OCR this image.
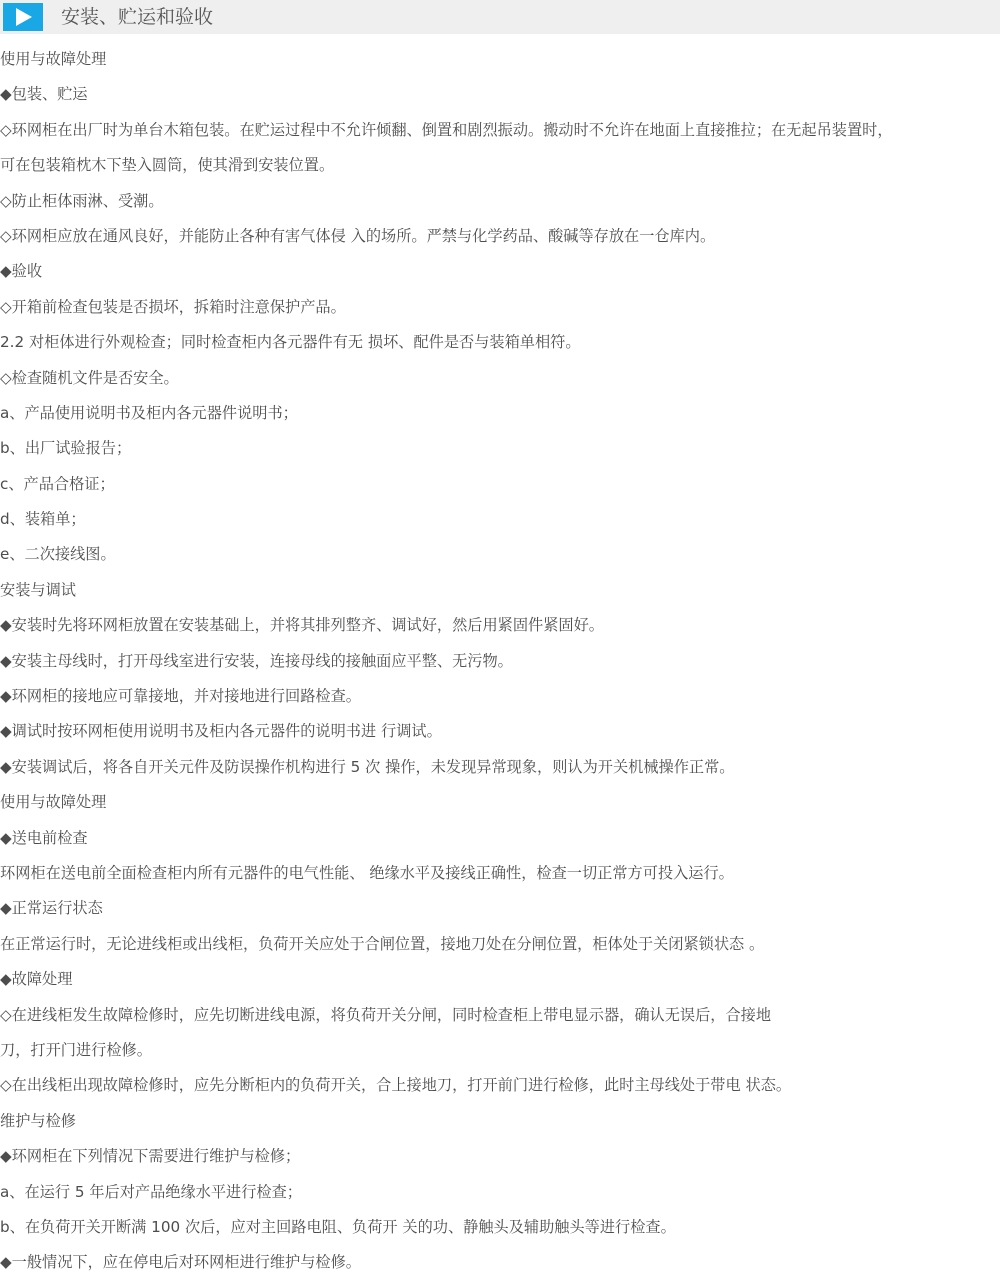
安装、贮运和验收
使用与故障处理
◆包装、贮运
◇环网柜在出厂时为单台木箱包装。在贮运过程中不允许倾翻、倒置和剧烈振动。搬动时不允许在地面上直接推拉；在无起吊装置时，
可在包装箱枕木下垫入圆筒，使其滑到安装位置。
◇防止柜体雨淋、受潮。
◇环网柜应放在通风良好，并能防止各种有害气体侵 入的场所。严禁与化学药品、酸碱等存放在一仓库内。
◆验收
◇开箱前检查包装是否损坏，拆箱时注意保护产品。
2.2 对柜体进行外观检查；同时检查柜内各元器件有无 损坏、配件是否与装箱单相符。
◇检查随机文件是否安全。
a、产品使用说明书及柜内各元器件说明书；
b、出厂试验报告；
c、产品合格证；
d、装箱单；
e、二次接线图。
安装与调试
◆安装时先将环网柜放置在安装基础上，并将其排列整齐、调试好，然后用紧固件紧固好。
◆安装主母线时，打开母线室进行安装，连接母线的接触面应平整、无污物。
◆环网柜的接地应可靠接地，并对接地进行回路检查。
◆调试时按环网柜使用说明书及柜内各元器件的说明书进 行调试。
◆安装调试后，将各自开关元件及防误操作机构进行 5 次 操作，未发现异常现象，则认为开关机械操作正常。
使用与故障处理
◆送电前检查
环网柜在送电前全面检查柜内所有元器件的电气性能、 绝缘水平及接线正确性，检查一切正常方可投入运行。
◆正常运行状态
在正常运行时，无论进线柜或出线柜，负荷开关应处于合闸位置，接地刀处在分闸位置，柜体处于关闭紧锁状态 。
◆故障处理
◇在进线柜发生故障检修时，应先切断进线电源，将负荷开关分闸，同时检查柜上带电显示器，确认无误后，合接地
刀，打开门进行检修。
◇在出线柜出现故障检修时，应先分断柜内的负荷开关，合上接地刀，打开前门进行检修，此时主母线处于带电 状态。
维护与检修
◆环网柜在下列情况下需要进行维护与检修；
a、在运行 5 年后对产品绝缘水平进行检查；
b、在负荷开关开断满 100 次后，应对主回路电阻、负荷开 关的功、静触头及辅助触头等进行检查。
◆一般情况下，应在停电后对环网柜进行维护与检修。
